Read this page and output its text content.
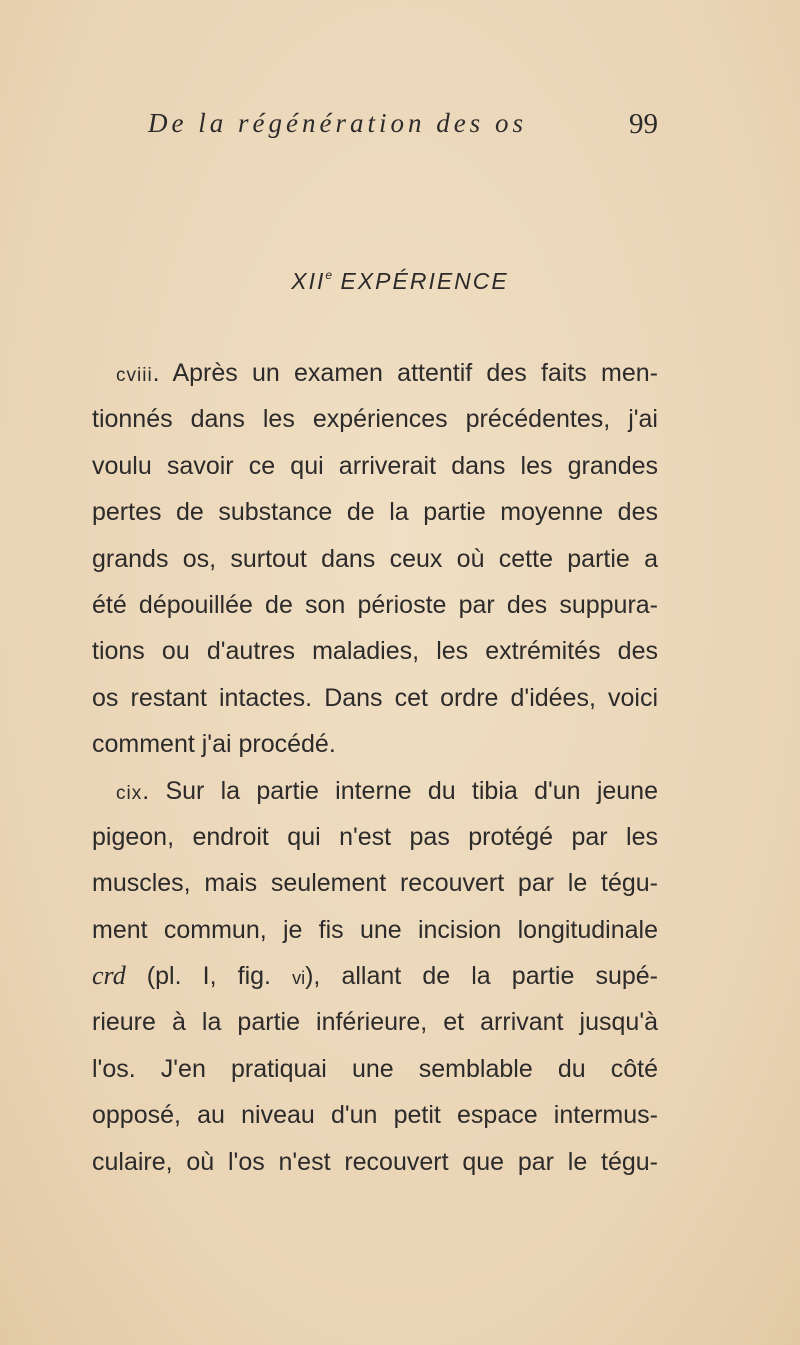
De la régénération des os	99
XIIe EXPÉRIENCE
cviii. Après un examen attentif des faits men-
tionnés dans les expériences précédentes, j'ai
voulu savoir ce qui arriverait dans les grandes
pertes de substance de la partie moyenne des
grands os, surtout dans ceux où cette partie a
été dépouillée de son périoste par des suppura-
tions ou d'autres maladies, les extrémités des
os restant intactes. Dans cet ordre d'idées, voici
comment j'ai procédé.
cix. Sur la partie interne du tibia d'un jeune
pigeon, endroit qui n'est pas protégé par les
muscles, mais seulement recouvert par le tégu-
ment commun, je fis une incision longitudinale
crd (pl. I, fig. vi), allant de la partie supé-
rieure à la partie inférieure, et arrivant jusqu'à
l'os. J'en pratiquai une semblable du côté
opposé, au niveau d'un petit espace intermus-
culaire, où l'os n'est recouvert que par le tégu-
